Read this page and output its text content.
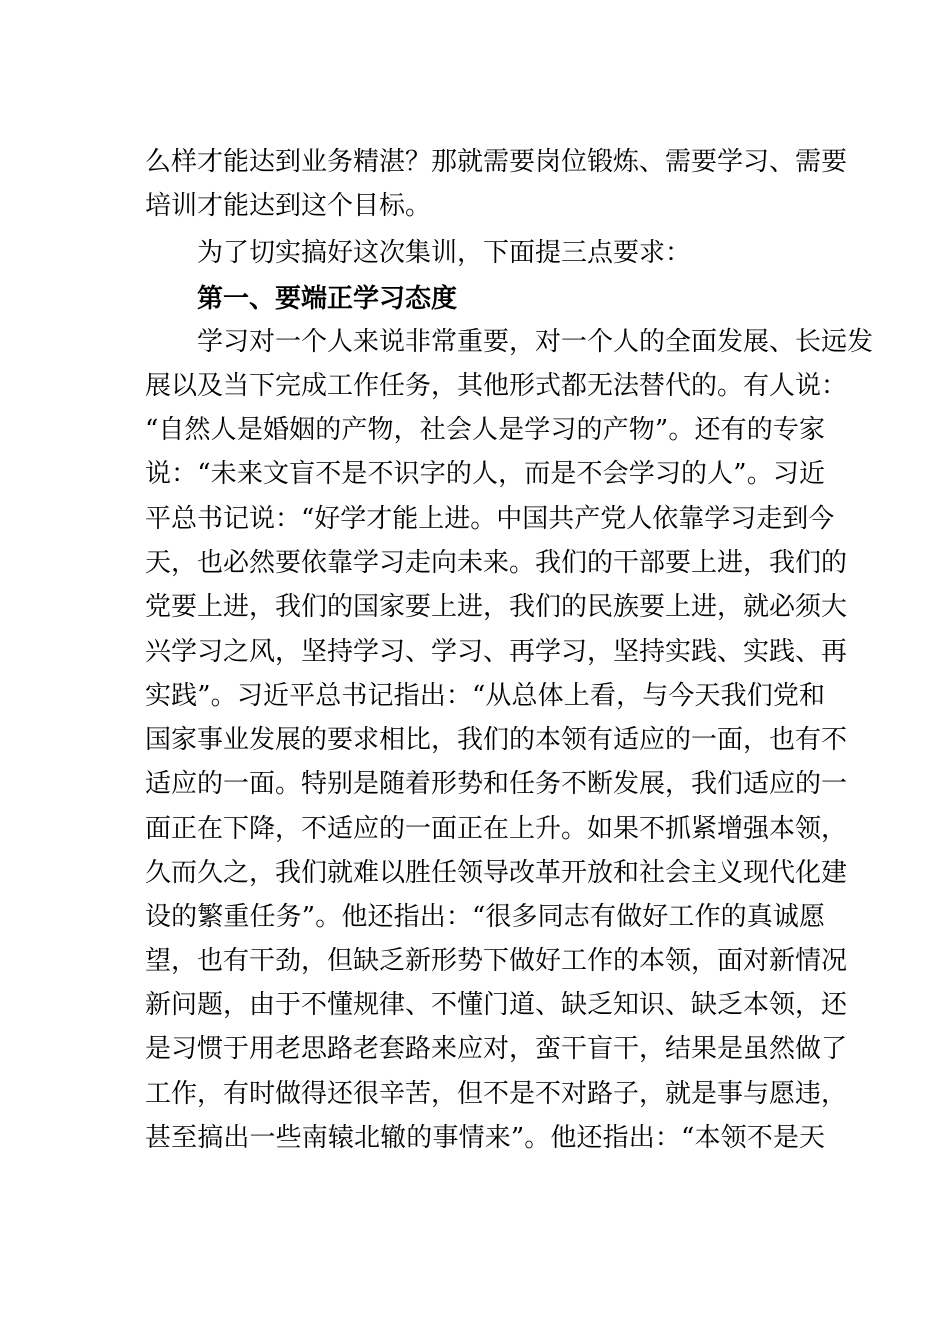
么样才能达到业务精湛？那就需要岗位锻炼、需要学习、需要
培训才能达到这个目标。
为了切实搞好这次集训，下面提三点要求：
第一、要端正学习态度
学习对一个人来说非常重要，对一个人的全面发展、长远发
展以及当下完成工作任务，其他形式都无法替代的。有人说：
“自然人是婚姻的产物，社会人是学习的产物”。还有的专家
说：“未来文盲不是不识字的人，而是不会学习的人”。习近
平总书记说：“好学才能上进。中国共产党人依靠学习走到今
天，也必然要依靠学习走向未来。我们的干部要上进，我们的
党要上进，我们的国家要上进，我们的民族要上进，就必须大
兴学习之风，坚持学习、学习、再学习，坚持实践、实践、再
实践”。习近平总书记指出：“从总体上看，与今天我们党和
国家事业发展的要求相比，我们的本领有适应的一面，也有不
适应的一面。特别是随着形势和任务不断发展，我们适应的一
面正在下降，不适应的一面正在上升。如果不抓紧增强本领，
久而久之，我们就难以胜任领导改革开放和社会主义现代化建
设的繁重任务”。他还指出：“很多同志有做好工作的真诚愿
望，也有干劲，但缺乏新形势下做好工作的本领，面对新情况
新问题，由于不懂规律、不懂门道、缺乏知识、缺乏本领，还
是习惯于用老思路老套路来应对，蛮干盲干，结果是虽然做了
工作，有时做得还很辛苦，但不是不对路子，就是事与愿违，
甚至搞出一些南辕北辙的事情来”。他还指出：“本领不是天
